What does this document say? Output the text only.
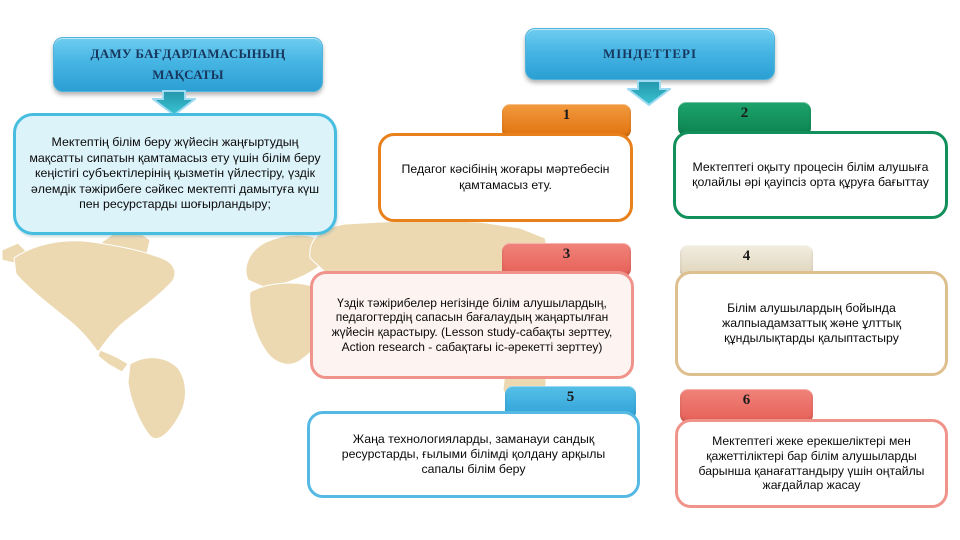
ДАМУ БАҒДАРЛАМАСЫНЫҢ МАҚСАТЫ

Мектептің білім беру жүйесін жаңғыртудың мақсатты сипатын қамтамасыз ету үшін білім беру кеңістігі субъектілерінің қызметін үйлестіру, үздік әлемдік тәжірибеге сәйкес мектепті дамытуға күш пен ресурстарды шоғырландыру;

МІНДЕТТЕРІ
1

Педагог кәсібінің жоғары мәртебесін қамтамасыз ету.

2

Мектептегі оқыту процесін білім алушыға қолайлы әрі қауіпсіз орта құруға бағыттау

3

Үздік тәжірибелер негізінде білім алушылардың, педагогтердің сапасын бағалаудың жаңартылған жүйесін қарастыру. (Lesson study-сабақты зерттеу, Action research - сабақтағы іс-әрекетті зерттеу)

4

Білім алушылардың бойында жалпыадамзаттық және ұлттық құндылықтарды қалыптастыру

5

Жаңа технологияларды, заманауи сандық ресурстарды, ғылыми білімді қолдану арқылы сапалы білім беру

6

Мектептегі жеке ерекшеліктері мен қажеттіліктері бар білім алушыларды барынша қанағаттандыру үшін оңтайлы жағдайлар жасау
